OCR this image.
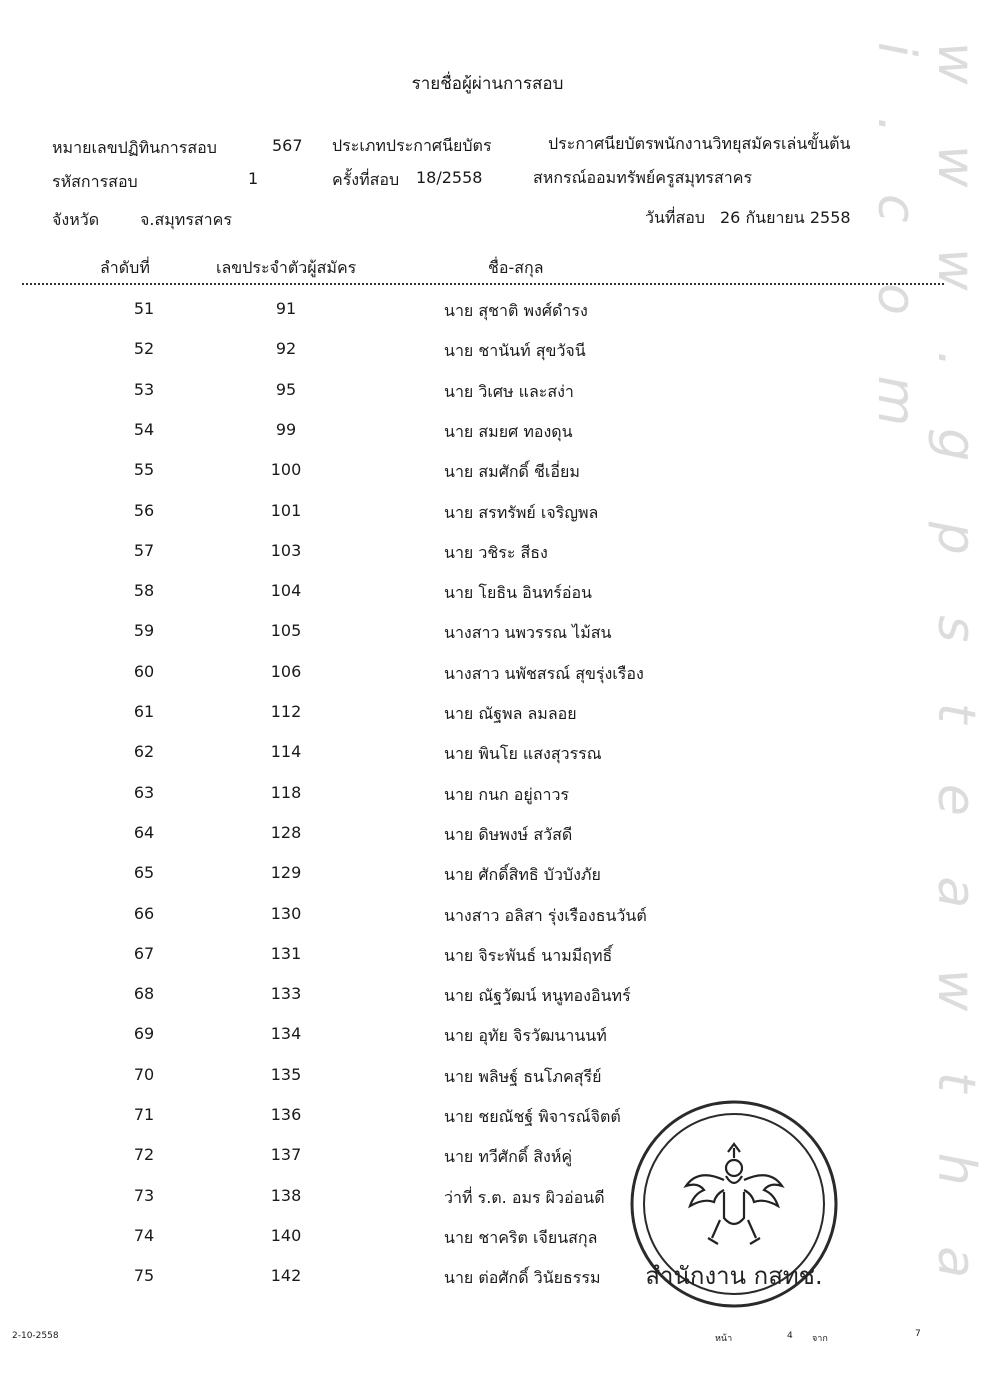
รายชื่อผู้ผ่านการสอบ
หมายเลขปฏิทินการสอบ	567 ประเภทประกาศนียบัตร	ประกาศนียบัตรพนักงานวิทยุสมัครเล่นขั้นต้น
รหัสการสอบ	1	ครั้งที่สอบ 18/2558	สหกรณ์ออมทรัพย์ครูสมุทรสาคร
จังหวัด	จ.สมุทรสาคร	วันที่สอบ 26 กันยายน 2558
ลำดับที่	เลขประจำตัวผู้สมัคร	ชื่อ-สกุล
51	91	นาย สุชาติ พงศ์ดำรง
52	92	นาย ชานันท์ สุขวัจนี
53	95	นาย วิเศษ และสง่า
54	99	นาย สมยศ ทองดุน
55	100	นาย สมศักดิ์ ชีเอี่ยม
56	101	นาย สรทรัพย์ เจริญพล
57	103	นาย วชิระ สีธง
58	104	นาย โยธิน อินทร์อ่อน
59	105	นางสาว นพวรรณ ไม้สน
60	106	นางสาว นพัชสรณ์ สุขรุ่งเรือง
61	112	นาย ณัฐพล ลมลอย
62	114	นาย พินโย แสงสุวรรณ
63	118	นาย กนก อยู่ถาวร
64	128	นาย ดิษพงษ์ สวัสดี
65	129	นาย ศักดิ์สิทธิ บัวบังภัย
66	130	นางสาว อลิสา รุ่งเรืองธนวันต์
67	131	นาย จิระพันธ์ นามมีฤทธิ์
68	133	นาย ณัฐวัฒน์ หนูทองอินทร์
69	134	นาย อุทัย จิรวัฒนานนท์
70	135	นาย พลิษฐ์ ธนโภคสุรีย์
71	136	นาย ชยณัชฐ์ พิจารณ์จิตต์
72	137	นาย ทวีศักดิ์ สิงห์คู่
73	138	ว่าที่ ร.ต. อมร ผิวอ่อนดี
74	140	นาย ชาคริต เจียนสกุล
75	142	นาย ต่อศักดิ์ วินัยธรรม สำนักงาน กสทช. w w w . g p s t e a w t h a i . c o m
2-10-2558	หน้า	4 จาก	7
